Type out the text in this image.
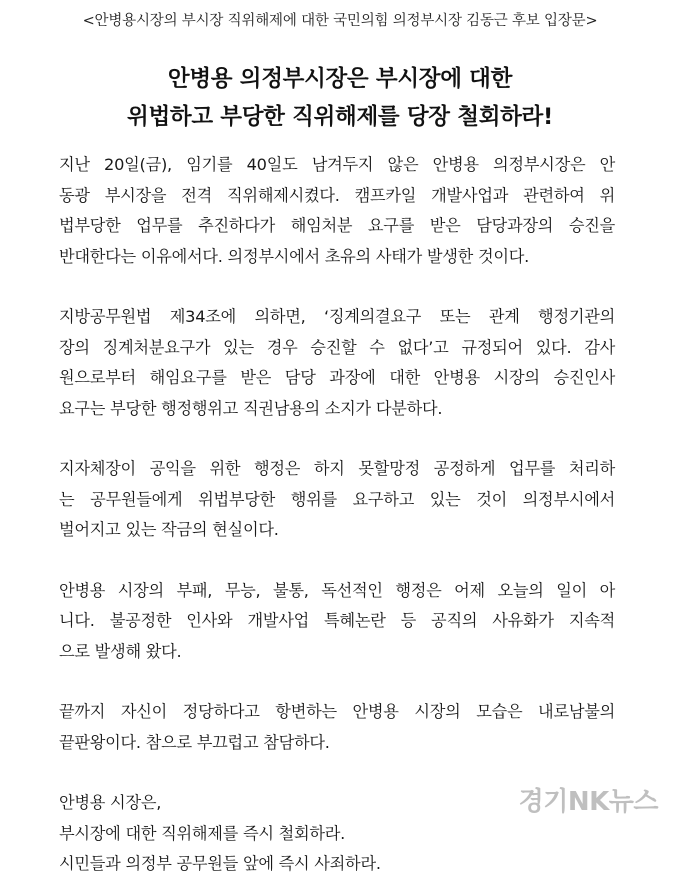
<안병용시장의 부시장 직위해제에 대한 국민의힘 의정부시장 김동근 후보 입장문>
안병용 의정부시장은 부시장에 대한
위법하고 부당한 직위해제를 당장 철회하라!
지난 20일(금), 임기를 40일도 남겨두지 않은 안병용 의정부시장은 안
동광 부시장을 전격 직위해제시켰다. 캠프카일 개발사업과 관련하여 위
법부당한 업무를 추진하다가 해임처분 요구를 받은 담당과장의 승진을
반대한다는 이유에서다. 의정부시에서 초유의 사태가 발생한 것이다.
지방공무원법 제34조에 의하면, ‘징계의결요구 또는 관계 행정기관의
장의 징계처분요구가 있는 경우 승진할 수 없다’고 규정되어 있다. 감사
원으로부터 해임요구를 받은 담당 과장에 대한 안병용 시장의 승진인사
요구는 부당한 행정행위고 직권남용의 소지가 다분하다.
지자체장이 공익을 위한 행정은 하지 못할망정 공정하게 업무를 처리하
는 공무원들에게 위법부당한 행위를 요구하고 있는 것이 의정부시에서
벌어지고 있는 작금의 현실이다.
안병용 시장의 부패, 무능, 불통, 독선적인 행정은 어제 오늘의 일이 아
니다. 불공정한 인사와 개발사업 특혜논란 등 공직의 사유화가 지속적
으로 발생해 왔다.
끝까지 자신이 정당하다고 항변하는 안병용 시장의 모습은 내로남불의
끝판왕이다. 참으로 부끄럽고 참담하다.
안병용 시장은,
부시장에 대한 직위해제를 즉시 철회하라.
시민들과 의정부 공무원들 앞에 즉시 사죄하라.
경기NK뉴스
